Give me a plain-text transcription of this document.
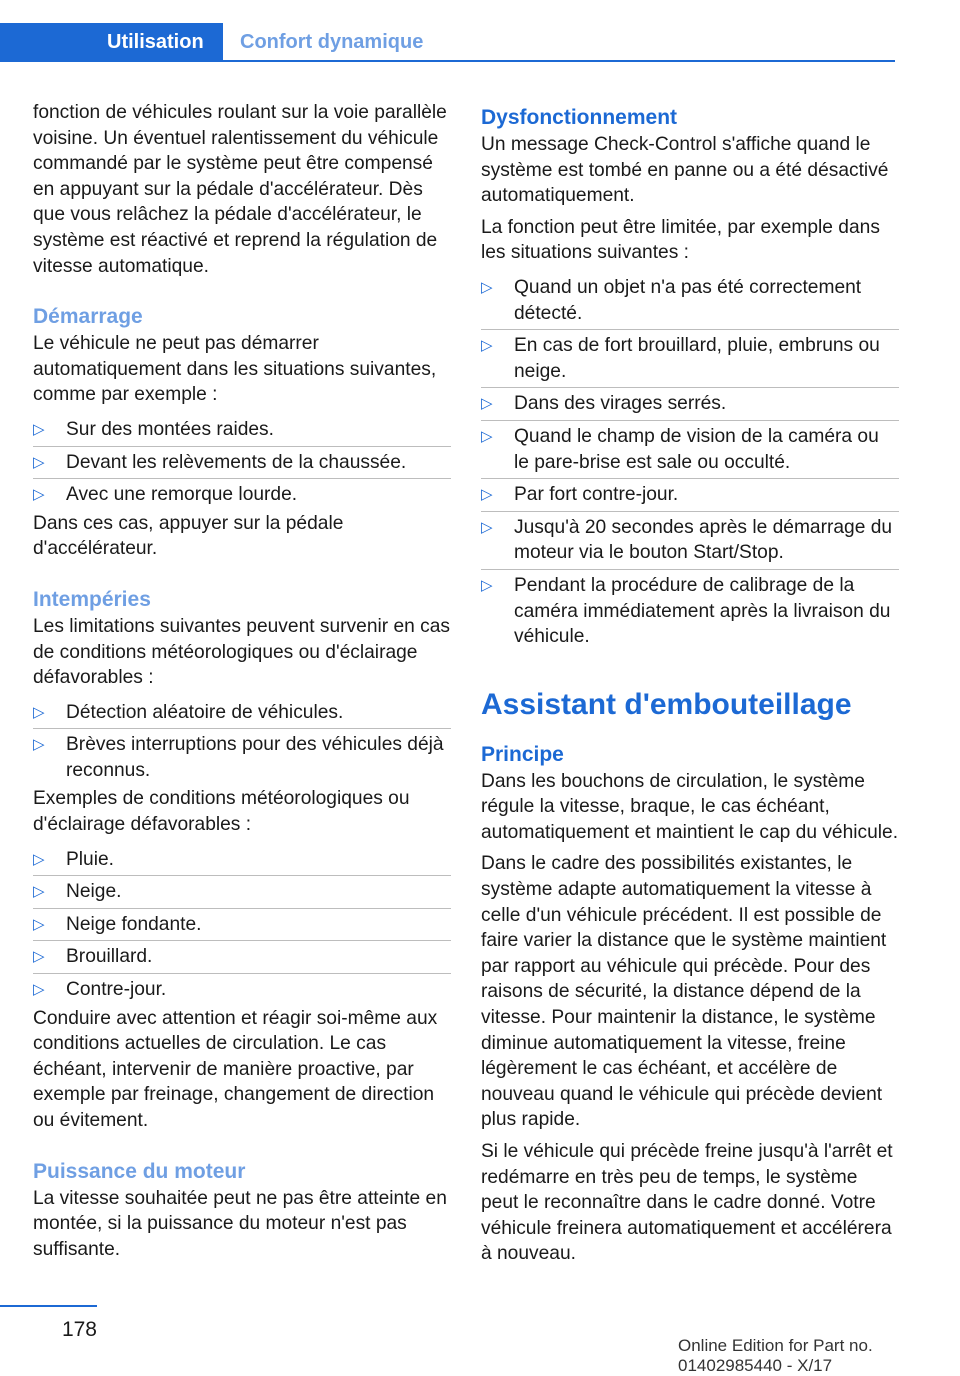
Utilisation	Confort dynamique

fonction de véhicules roulant sur la voie parallèle voisine. Un éventuel ralentissement du véhicule commandé par le système peut être compensé en appuyant sur la pédale d'accélérateur. Dès que vous relâchez la pédale d'accélérateur, le système est réactivé et reprend la régulation de vitesse automatique.

Démarrage

Le véhicule ne peut pas démarrer automatiquement dans les situations suivantes, comme par exemple :

▷ Sur des montées raides.
▷ Devant les relèvements de la chaussée.
▷ Avec une remorque lourde.

Dans ces cas, appuyer sur la pédale d'accélérateur.

Intempéries

Les limitations suivantes peuvent survenir en cas de conditions météorologiques ou d'éclairage défavorables :

▷ Détection aléatoire de véhicules.
▷ Brèves interruptions pour des véhicules déjà reconnus.

Exemples de conditions météorologiques ou d'éclairage défavorables :

▷ Pluie.
▷ Neige.
▷ Neige fondante.
▷ Brouillard.
▷ Contre-jour.

Conduire avec attention et réagir soi-même aux conditions actuelles de circulation. Le cas échéant, intervenir de manière proactive, par exemple par freinage, changement de direction ou évitement.

Puissance du moteur

La vitesse souhaitée peut ne pas être atteinte en montée, si la puissance du moteur n'est pas suffisante.

Dysfonctionnement

Un message Check-Control s'affiche quand le système est tombé en panne ou a été désactivé automatiquement.

La fonction peut être limitée, par exemple dans les situations suivantes :

▷ Quand un objet n'a pas été correctement détecté.
▷ En cas de fort brouillard, pluie, embruns ou neige.
▷ Dans des virages serrés.
▷ Quand le champ de vision de la caméra ou le pare-brise est sale ou occulté.
▷ Par fort contre-jour.
▷ Jusqu'à 20 secondes après le démarrage du moteur via le bouton Start/Stop.
▷ Pendant la procédure de calibrage de la caméra immédiatement après la livraison du véhicule.
Assistant d'embouteillage
Principe

Dans les bouchons de circulation, le système régule la vitesse, braque, le cas échéant, automatiquement et maintient le cap du véhicule.

Dans le cadre des possibilités existantes, le système adapte automatiquement la vitesse à celle d'un véhicule précédent. Il est possible de faire varier la distance que le système maintient par rapport au véhicule qui précède. Pour des raisons de sécurité, la distance dépend de la vitesse. Pour maintenir la distance, le système diminue automatiquement la vitesse, freine légèrement le cas échéant, et accélère de nouveau quand le véhicule qui précède devient plus rapide.

Si le véhicule qui précède freine jusqu'à l'arrêt et redémarre en très peu de temps, le système peut le reconnaître dans le cadre donné. Votre véhicule freinera automatiquement et accélérera à nouveau.

178
Online Edition for Part no. 01402985440 - X/17
